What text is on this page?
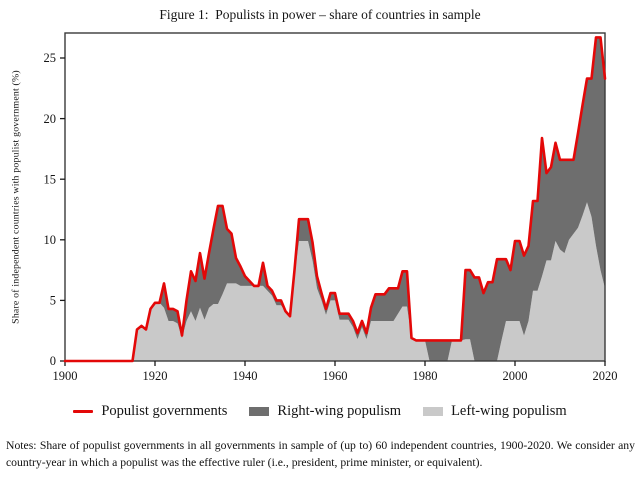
Figure 1:  Populists in power – share of countries in sample
0
5
10
15
20
25
1900	1920	1940	1960	1980	2000	2020
Share of independent countries with populist government (%)
Populist governments	Right-wing populism	Left-wing populism
Notes: Share of populist governments in all governments in sample of (up to) 60 independent countries, 1900-2020. We consider any country-year in which a populist was the effective ruler (i.e., president, prime minister, or equivalent).
